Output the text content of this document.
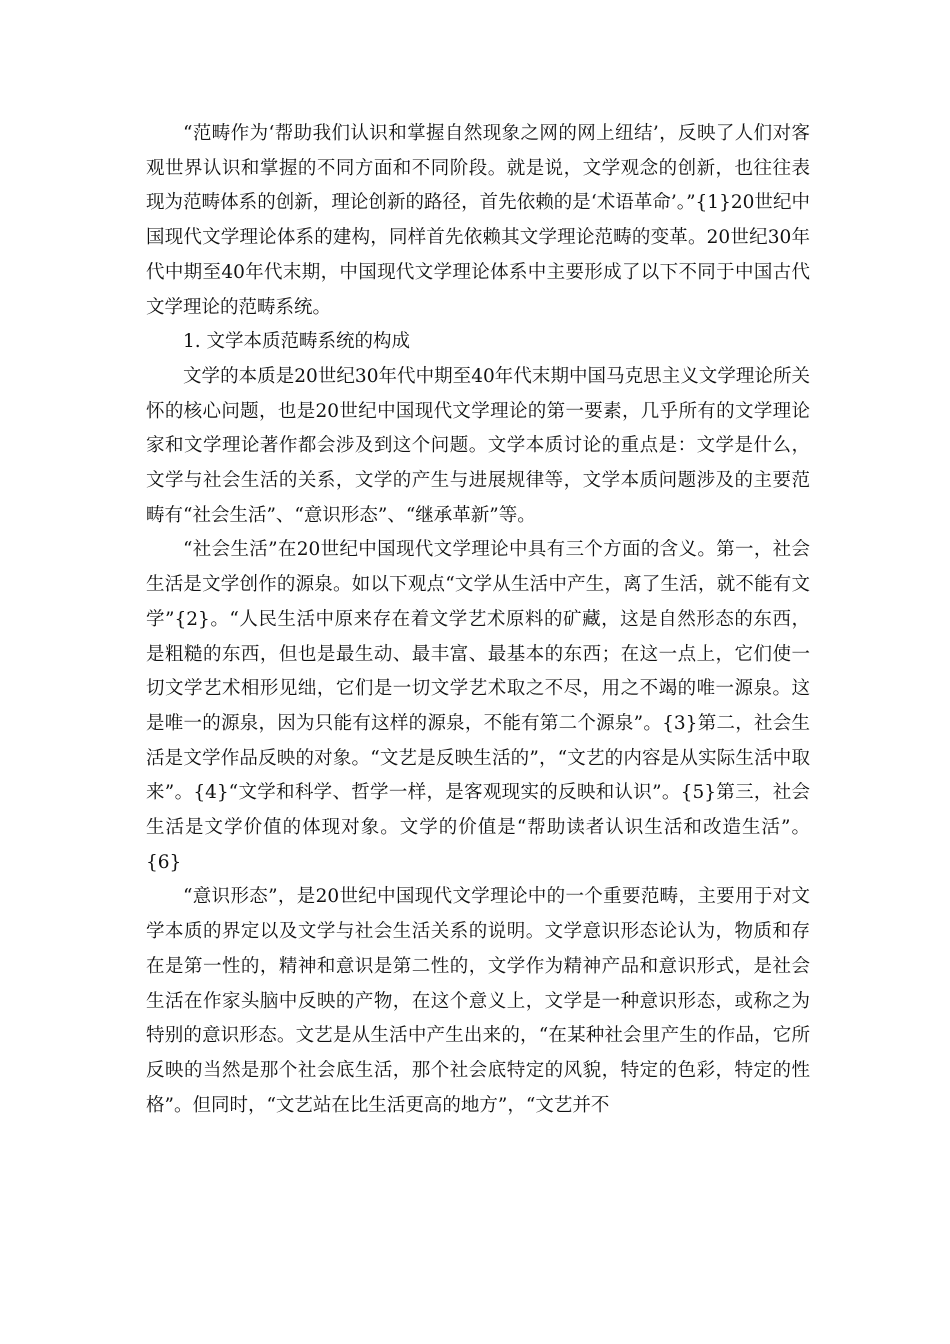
“范畴作为‘帮助我们认识和掌握自然现象之网的网上纽结’，反映了人们对客观世界认识和掌握的不同方面和不同阶段。就是说，文学观念的创新，也往往表现为范畴体系的创新，理论创新的路径，首先依赖的是‘术语革命’。”{1}20世纪中国现代文学理论体系的建构，同样首先依赖其文学理论范畴的变革。20世纪30年代中期至40年代末期，中国现代文学理论体系中主要形成了以下不同于中国古代文学理论的范畴系统。

1. 文学本质范畴系统的构成

文学的本质是20世纪30年代中期至40年代末期中国马克思主义文学理论所关怀的核心问题，也是20世纪中国现代文学理论的第一要素，几乎所有的文学理论家和文学理论著作都会涉及到这个问题。文学本质讨论的重点是：文学是什么，文学与社会生活的关系，文学的产生与进展规律等，文学本质问题涉及的主要范畴有“社会生活”、“意识形态”、“继承革新”等。

“社会生活”在20世纪中国现代文学理论中具有三个方面的含义。第一，社会生活是文学创作的源泉。如以下观点“文学从生活中产生，离了生活，就不能有文学”{2}。“人民生活中原来存在着文学艺术原料的矿藏，这是自然形态的东西，是粗糙的东西，但也是最生动、最丰富、最基本的东西；在这一点上，它们使一切文学艺术相形见绌，它们是一切文学艺术取之不尽，用之不竭的唯一源泉。这是唯一的源泉，因为只能有这样的源泉，不能有第二个源泉”。{3}第二，社会生活是文学作品反映的对象。“文艺是反映生活的”，“文艺的内容是从实际生活中取来”。{4}“文学和科学、哲学一样，是客观现实的反映和认识”。{5}第三，社会生活是文学价值的体现对象。文学的价值是“帮助读者认识生活和改造生活”。{6}

“意识形态”，是20世纪中国现代文学理论中的一个重要范畴，主要用于对文学本质的界定以及文学与社会生活关系的说明。文学意识形态论认为，物质和存在是第一性的，精神和意识是第二性的，文学作为精神产品和意识形式，是社会生活在作家头脑中反映的产物，在这个意义上，文学是一种意识形态，或称之为特别的意识形态。文艺是从生活中产生出来的，“在某种社会里产生的作品，它所反映的当然是那个社会底生活，那个社会底特定的风貌，特定的色彩，特定的性格”。但同时，“文艺站在比生活更高的地方”，“文艺并不
